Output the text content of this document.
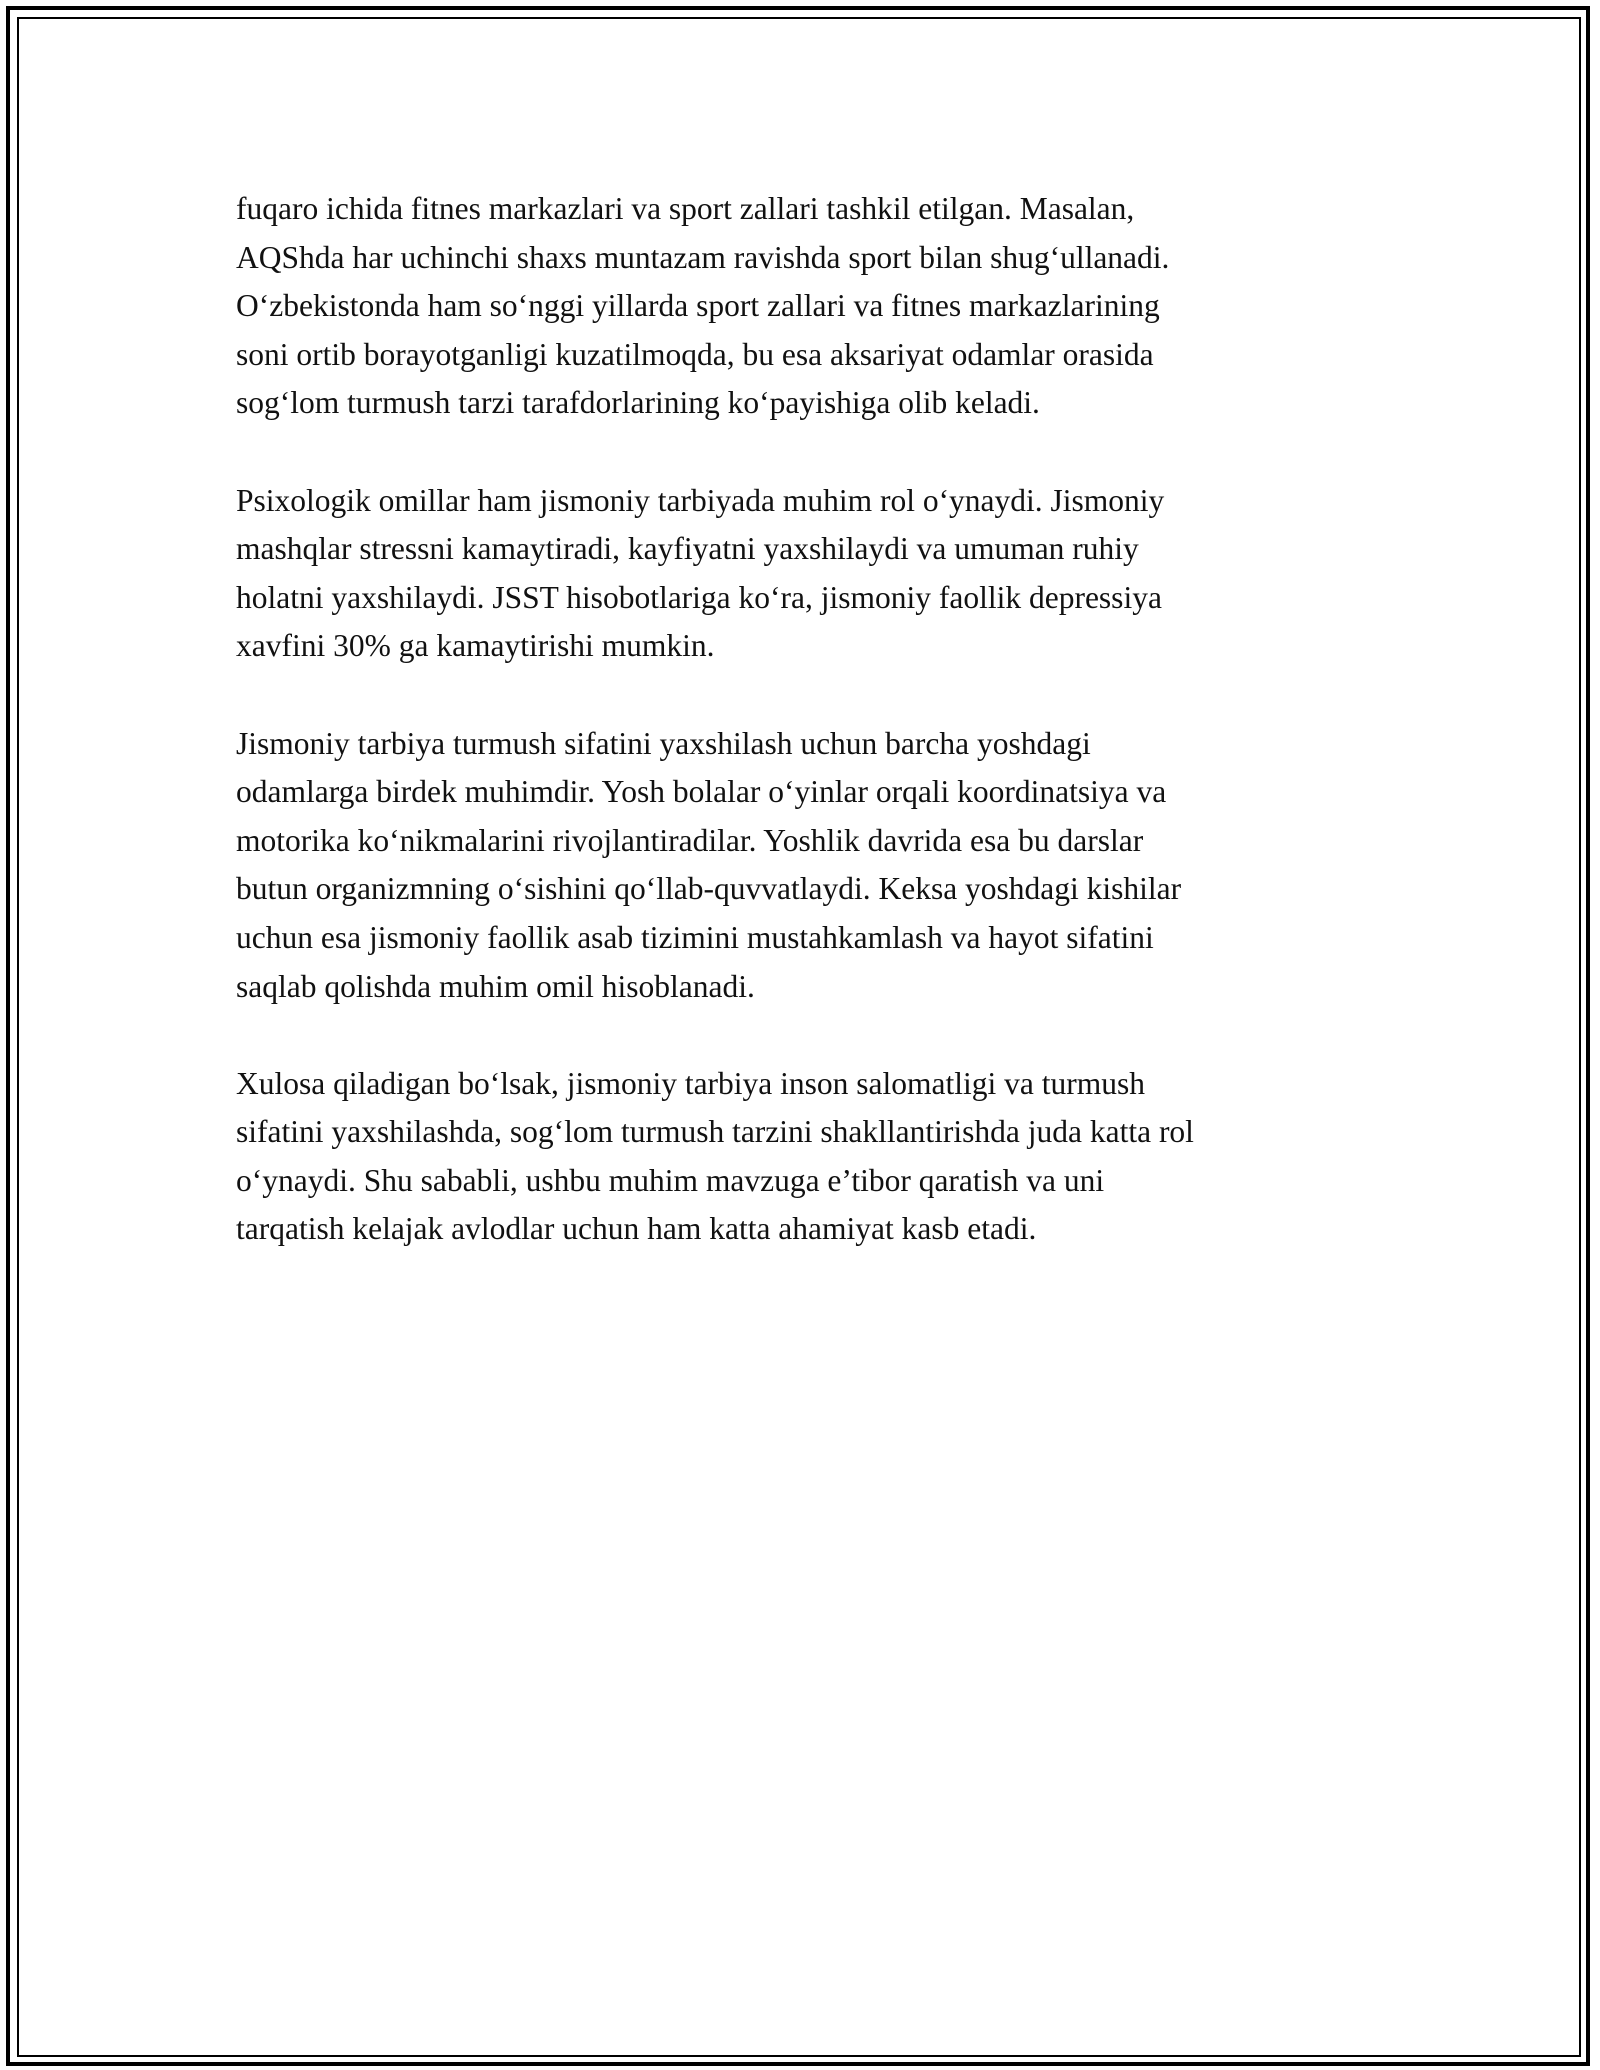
fuqaro ichida fitnes markazlari va sport zallari tashkil etilgan. Masalan,
AQShda har uchinchi shaxs muntazam ravishda sport bilan shug‘ullanadi.
O‘zbekistonda ham so‘nggi yillarda sport zallari va fitnes markazlarining
soni ortib borayotganligi kuzatilmoqda, bu esa aksariyat odamlar orasida
sog‘lom turmush tarzi tarafdorlarining ko‘payishiga olib keladi.

Psixologik omillar ham jismoniy tarbiyada muhim rol o‘ynaydi. Jismoniy
mashqlar stressni kamaytiradi, kayfiyatni yaxshilaydi va umuman ruhiy
holatni yaxshilaydi. JSST hisobotlariga ko‘ra, jismoniy faollik depressiya
xavfini 30% ga kamaytirishi mumkin.

Jismoniy tarbiya turmush sifatini yaxshilash uchun barcha yoshdagi
odamlarga birdek muhimdir. Yosh bolalar o‘yinlar orqali koordinatsiya va
motorika ko‘nikmalarini rivojlantiradilar. Yoshlik davrida esa bu darslar
butun organizmning o‘sishini qo‘llab-quvvatlaydi. Keksa yoshdagi kishilar
uchun esa jismoniy faollik asab tizimini mustahkamlash va hayot sifatini
saqlab qolishda muhim omil hisoblanadi.

Xulosa qiladigan bo‘lsak, jismoniy tarbiya inson salomatligi va turmush
sifatini yaxshilashda, sog‘lom turmush tarzini shakllantirishda juda katta rol
o‘ynaydi. Shu sababli, ushbu muhim mavzuga e’tibor qaratish va uni
tarqatish kelajak avlodlar uchun ham katta ahamiyat kasb etadi.
